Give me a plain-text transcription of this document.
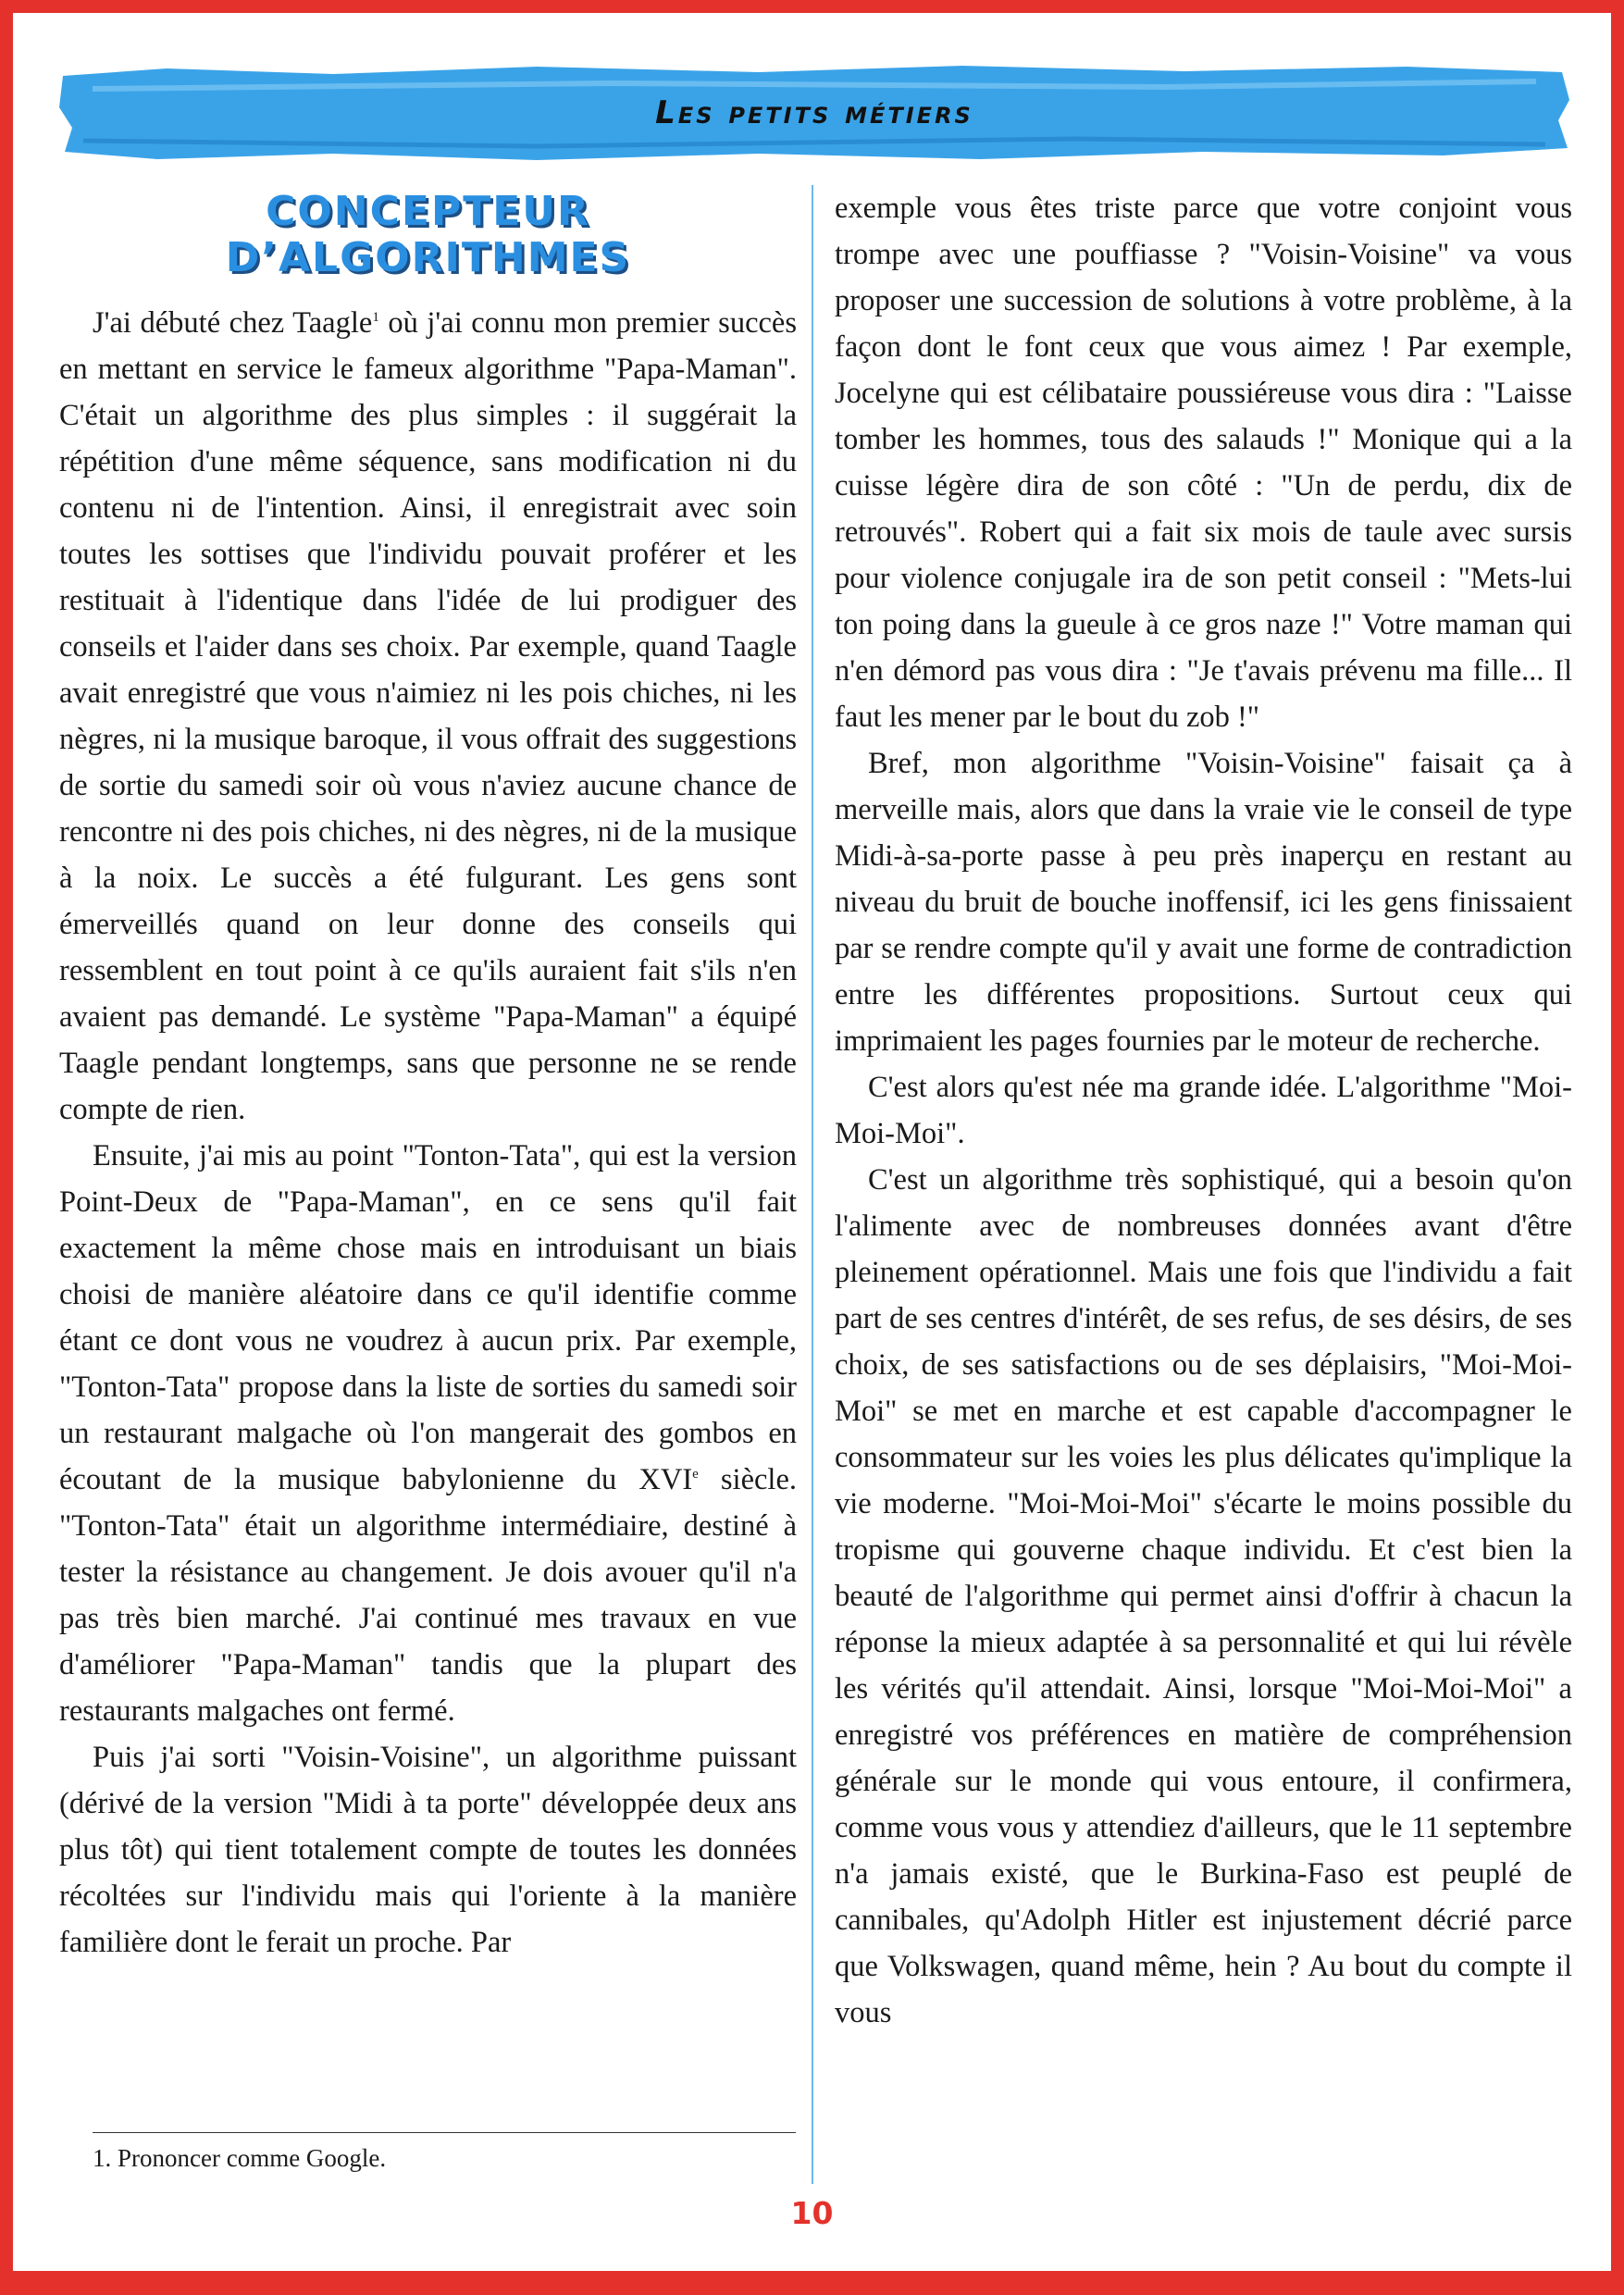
Les petits métiers
CONCEPTEUR
D’ALGORITHMES

J'ai débuté chez Taagle$^1$ où j'ai connu mon premier succès en mettant en service le fameux algorithme "Papa-Maman". C'était un algorithme des plus simples : il suggérait la répétition d'une même séquence, sans modification ni du contenu ni de l'intention. Ainsi, il enregistrait avec soin toutes les sottises que l'individu pouvait proférer et les restituait à l'identique dans l'idée de lui prodiguer des conseils et l'aider dans ses choix. Par exemple, quand Taagle avait enregistré que vous n'aimiez ni les pois chiches, ni les nègres, ni la musique baroque, il vous offrait des suggestions de sortie du samedi soir où vous n'aviez aucune chance de rencontre ni des pois chiches, ni des nègres, ni de la musique à la noix. Le succès a été fulgurant. Les gens sont émerveillés quand on leur donne des conseils qui ressemblent en tout point à ce qu'ils auraient fait s'ils n'en avaient pas demandé. Le système "Papa-Maman" a équipé Taagle pendant longtemps, sans que personne ne se rende compte de rien.

Ensuite, j'ai mis au point "Tonton-Tata", qui est la version Point-Deux de "Papa-Maman", en ce sens qu'il fait exactement la même chose mais en introduisant un biais choisi de manière aléatoire dans ce qu'il identifie comme étant ce dont vous ne voudrez à aucun prix. Par exemple, "Tonton-Tata" propose dans la liste de sorties du samedi soir un restaurant malgache où l'on mangerait des gombos en écoutant de la musique babylonienne du XVIe siècle. "Tonton-Tata" était un algorithme intermédiaire, destiné à tester la résistance au changement. Je dois avouer qu'il n'a pas très bien marché. J'ai continué mes travaux en vue d'améliorer "Papa-Maman" tandis que la plupart des restaurants malgaches ont fermé.

Puis j'ai sorti "Voisin-Voisine", un algorithme puissant (dérivé de la version "Midi à ta porte" développée deux ans plus tôt) qui tient totalement compte de toutes les données récoltées sur l'individu mais qui l'oriente à la manière familière dont le ferait un proche. Par

exemple vous êtes triste parce que votre conjoint vous trompe avec une pouffiasse ? "Voisin-Voisine" va vous proposer une succession de solutions à votre problème, à la façon dont le font ceux que vous aimez ! Par exemple, Jocelyne qui est célibataire poussiéreuse vous dira : "Laisse tomber les hommes, tous des salauds !" Monique qui a la cuisse légère dira de son côté : "Un de perdu, dix de retrouvés". Robert qui a fait six mois de taule avec sursis pour violence conjugale ira de son petit conseil : "Mets-lui ton poing dans la gueule à ce gros naze !" Votre maman qui n'en démord pas vous dira : "Je t'avais prévenu ma fille... Il faut les mener par le bout du zob !"

Bref, mon algorithme "Voisin-Voisine" faisait ça à merveille mais, alors que dans la vraie vie le conseil de type Midi-à-sa-porte passe à peu près inaperçu en restant au niveau du bruit de bouche inoffensif, ici les gens finissaient par se rendre compte qu'il y avait une forme de contradiction entre les différentes propositions. Surtout ceux qui imprimaient les pages fournies par le moteur de recherche.

C'est alors qu'est née ma grande idée. L'algorithme "Moi-Moi-Moi".

C'est un algorithme très sophistiqué, qui a besoin qu'on l'alimente avec de nombreuses données avant d'être pleinement opérationnel. Mais une fois que l'individu a fait part de ses centres d'intérêt, de ses refus, de ses désirs, de ses choix, de ses satisfactions ou de ses déplaisirs, "Moi-Moi-Moi" se met en marche et est capable d'accompagner le consommateur sur les voies les plus délicates qu'implique la vie moderne. "Moi-Moi-Moi" s'écarte le moins possible du tropisme qui gouverne chaque individu. Et c'est bien la beauté de l'algorithme qui permet ainsi d'offrir à chacun la réponse la mieux adaptée à sa personnalité et qui lui révèle les vérités qu'il attendait. Ainsi, lorsque "Moi-Moi-Moi" a enregistré vos préférences en matière de compréhension générale sur le monde qui vous entoure, il confirmera, comme vous vous y attendiez d'ailleurs, que le 11 septembre n'a jamais existé, que le Burkina-Faso est peuplé de cannibales, qu'Adolph Hitler est injustement décrié parce que Volkswagen, quand même, hein ? Au bout du compte il vous

1. Prononcer comme Google.
10
